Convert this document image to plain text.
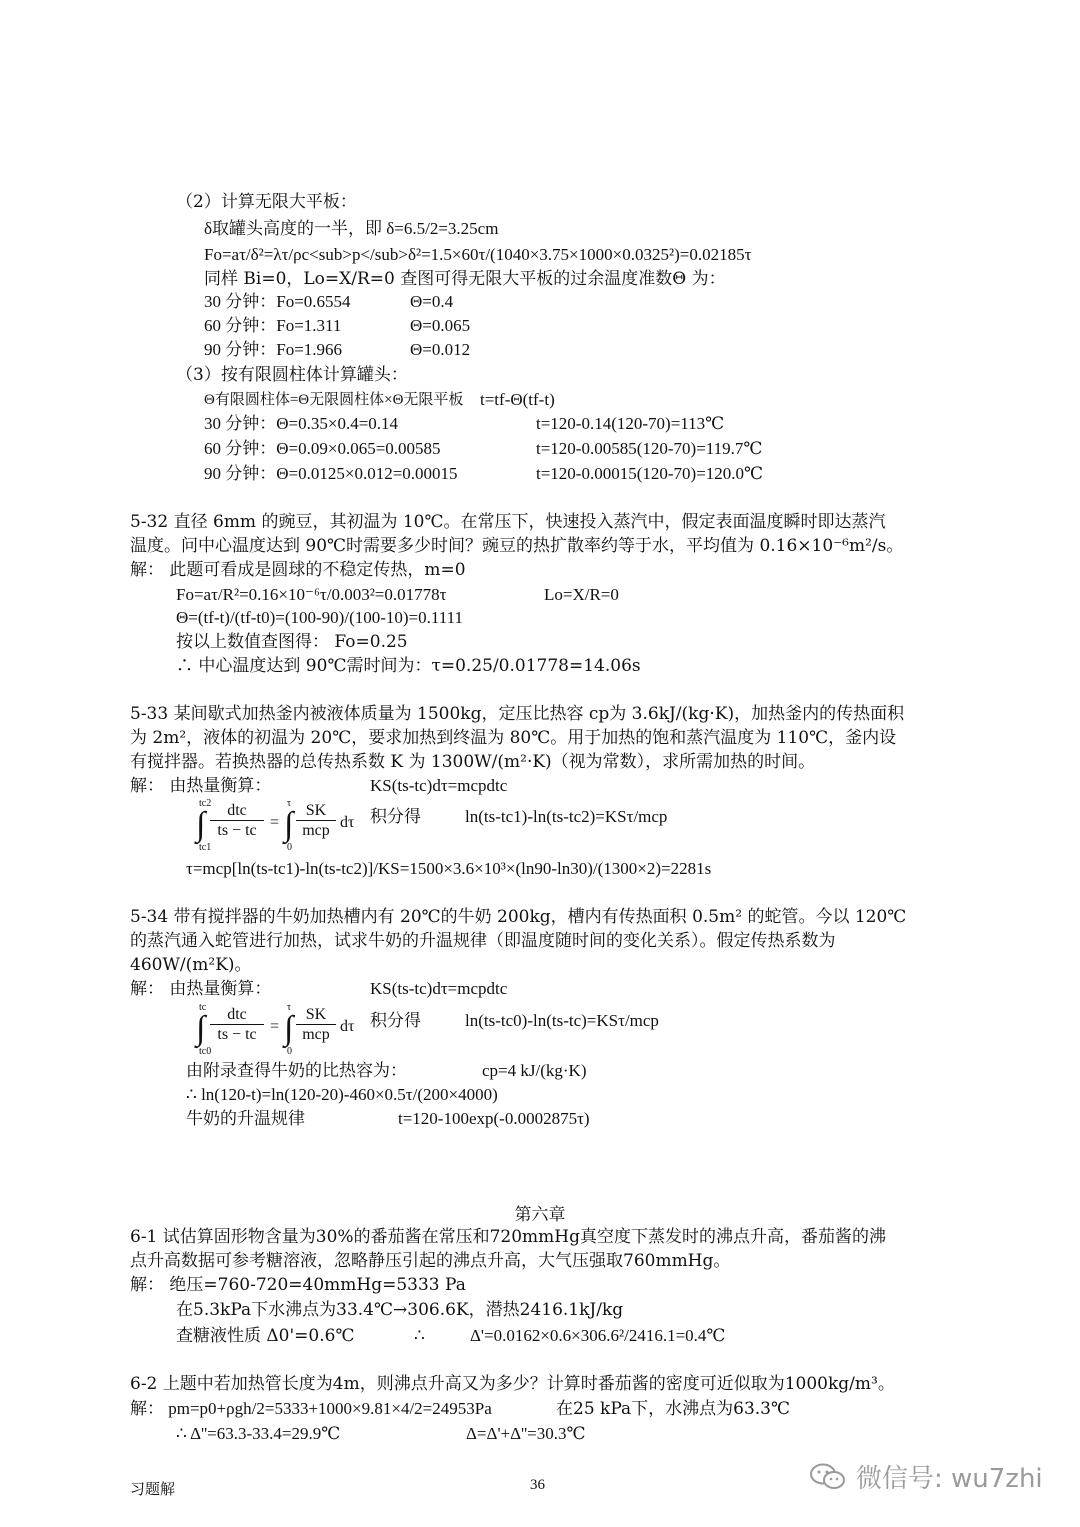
（2）计算无限大平板：
δ取罐头高度的一半，即 δ=6.5/2=3.25cm
Fo=aτ/δ²=λτ/ρc<sub>p</sub>δ²=1.5×60τ/(1040×3.75×1000×0.0325²)=0.02185τ
同样 Bi=0，Lo=X/R=0 查图可得无限大平板的过余温度准数Θ 为：
30 分钟：Fo=0.6554	Θ=0.4
60 分钟：Fo=1.311	Θ=0.065
90 分钟：Fo=1.966	Θ=0.012
（3）按有限圆柱体计算罐头：
Θ有限圆柱体=Θ无限圆柱体×Θ无限平板 t=tf-Θ(tf-t)
30 分钟：Θ=0.35×0.4=0.14	t=120-0.14(120-70)=113℃
60 分钟：Θ=0.09×0.065=0.00585	t=120-0.00585(120-70)=119.7℃
90 分钟：Θ=0.0125×0.012=0.00015	t=120-0.00015(120-70)=120.0℃
5-32 直径 6mm 的豌豆，其初温为 10℃。在常压下，快速投入蒸汽中，假定表面温度瞬时即达蒸汽
温度。问中心温度达到 90℃时需要多少时间？豌豆的热扩散率约等于水，平均值为 0.16×10⁻⁶m²/s。
解： 此题可看成是圆球的不稳定传热，m=0
Fo=aτ/R²=0.16×10⁻⁶τ/0.003²=0.01778τ	Lo=X/R=0
Θ=(tf-t)/(tf-t0)=(100-90)/(100-10)=0.1111
按以上数值查图得： Fo=0.25
∴ 中心温度达到 90℃需时间为：τ=0.25/0.01778=14.06s
5-33 某间歇式加热釜内被液体质量为 1500kg，定压比热容 cp为 3.6kJ/(kg·K)，加热釜内的传热面积
为 2m²，液体的初温为 20℃，要求加热到终温为 80℃。用于加热的饱和蒸汽温度为 110℃，釜内设
有搅拌器。若换热器的总传热系数 K 为 1300W/(m²·K)（视为常数），求所需加热的时间。
解： 由热量衡算：	KS(ts-tc)dτ=mcpdtc
tc2
∫
tc1
dtc
ts − tc =
τ
∫
0
SK
mcp dτ 积分得	ln(ts-tc1)-ln(ts-tc2)=KSτ/mcp
τ=mcp[ln(ts-tc1)-ln(ts-tc2)]/KS=1500×3.6×10³×(ln90-ln30)/(1300×2)=2281s
5-34 带有搅拌器的牛奶加热槽内有 20℃的牛奶 200kg，槽内有传热面积 0.5m² 的蛇管。今以 120℃
的蒸汽通入蛇管进行加热，试求牛奶的升温规律（即温度随时间的变化关系）。假定传热系数为
460W/(m²K)。
解： 由热量衡算：	KS(ts-tc)dτ=mcpdtc
tc
∫
tc0
dtc
ts − tc =
τ
∫
0
SK
mcp dτ 积分得	ln(ts-tc0)-ln(ts-tc)=KSτ/mcp
由附录查得牛奶的比热容为：	cp=4 kJ/(kg·K)
∴ ln(120-t)=ln(120-20)-460×0.5τ/(200×4000)
牛奶的升温规律	t=120-100exp(-0.0002875τ)
第六章
6-1 试估算固形物含量为30%的番茄酱在常压和720mmHg真空度下蒸发时的沸点升高，番茄酱的沸
点升高数据可参考糖溶液，忽略静压引起的沸点升高，大气压强取760mmHg。
解： 绝压=760-720=40mmHg=5333 Pa
在5.3kPa下水沸点为33.4℃→306.6K，潜热2416.1kJ/kg
查糖液性质 Δ0'=0.6℃	∴	Δ'=0.0162×0.6×306.6²/2416.1=0.4℃
6-2 上题中若加热管长度为4m，则沸点升高又为多少？计算时番茄酱的密度可近似取为1000kg/m³。
解： pm=p0+ρgh/2=5333+1000×9.81×4/2=24953Pa	在25 kPa下，水沸点为63.3℃
∴ Δ''=63.3-33.4=29.9℃	Δ=Δ'+Δ''=30.3℃
习题解	36	微信号: wu7zhi
